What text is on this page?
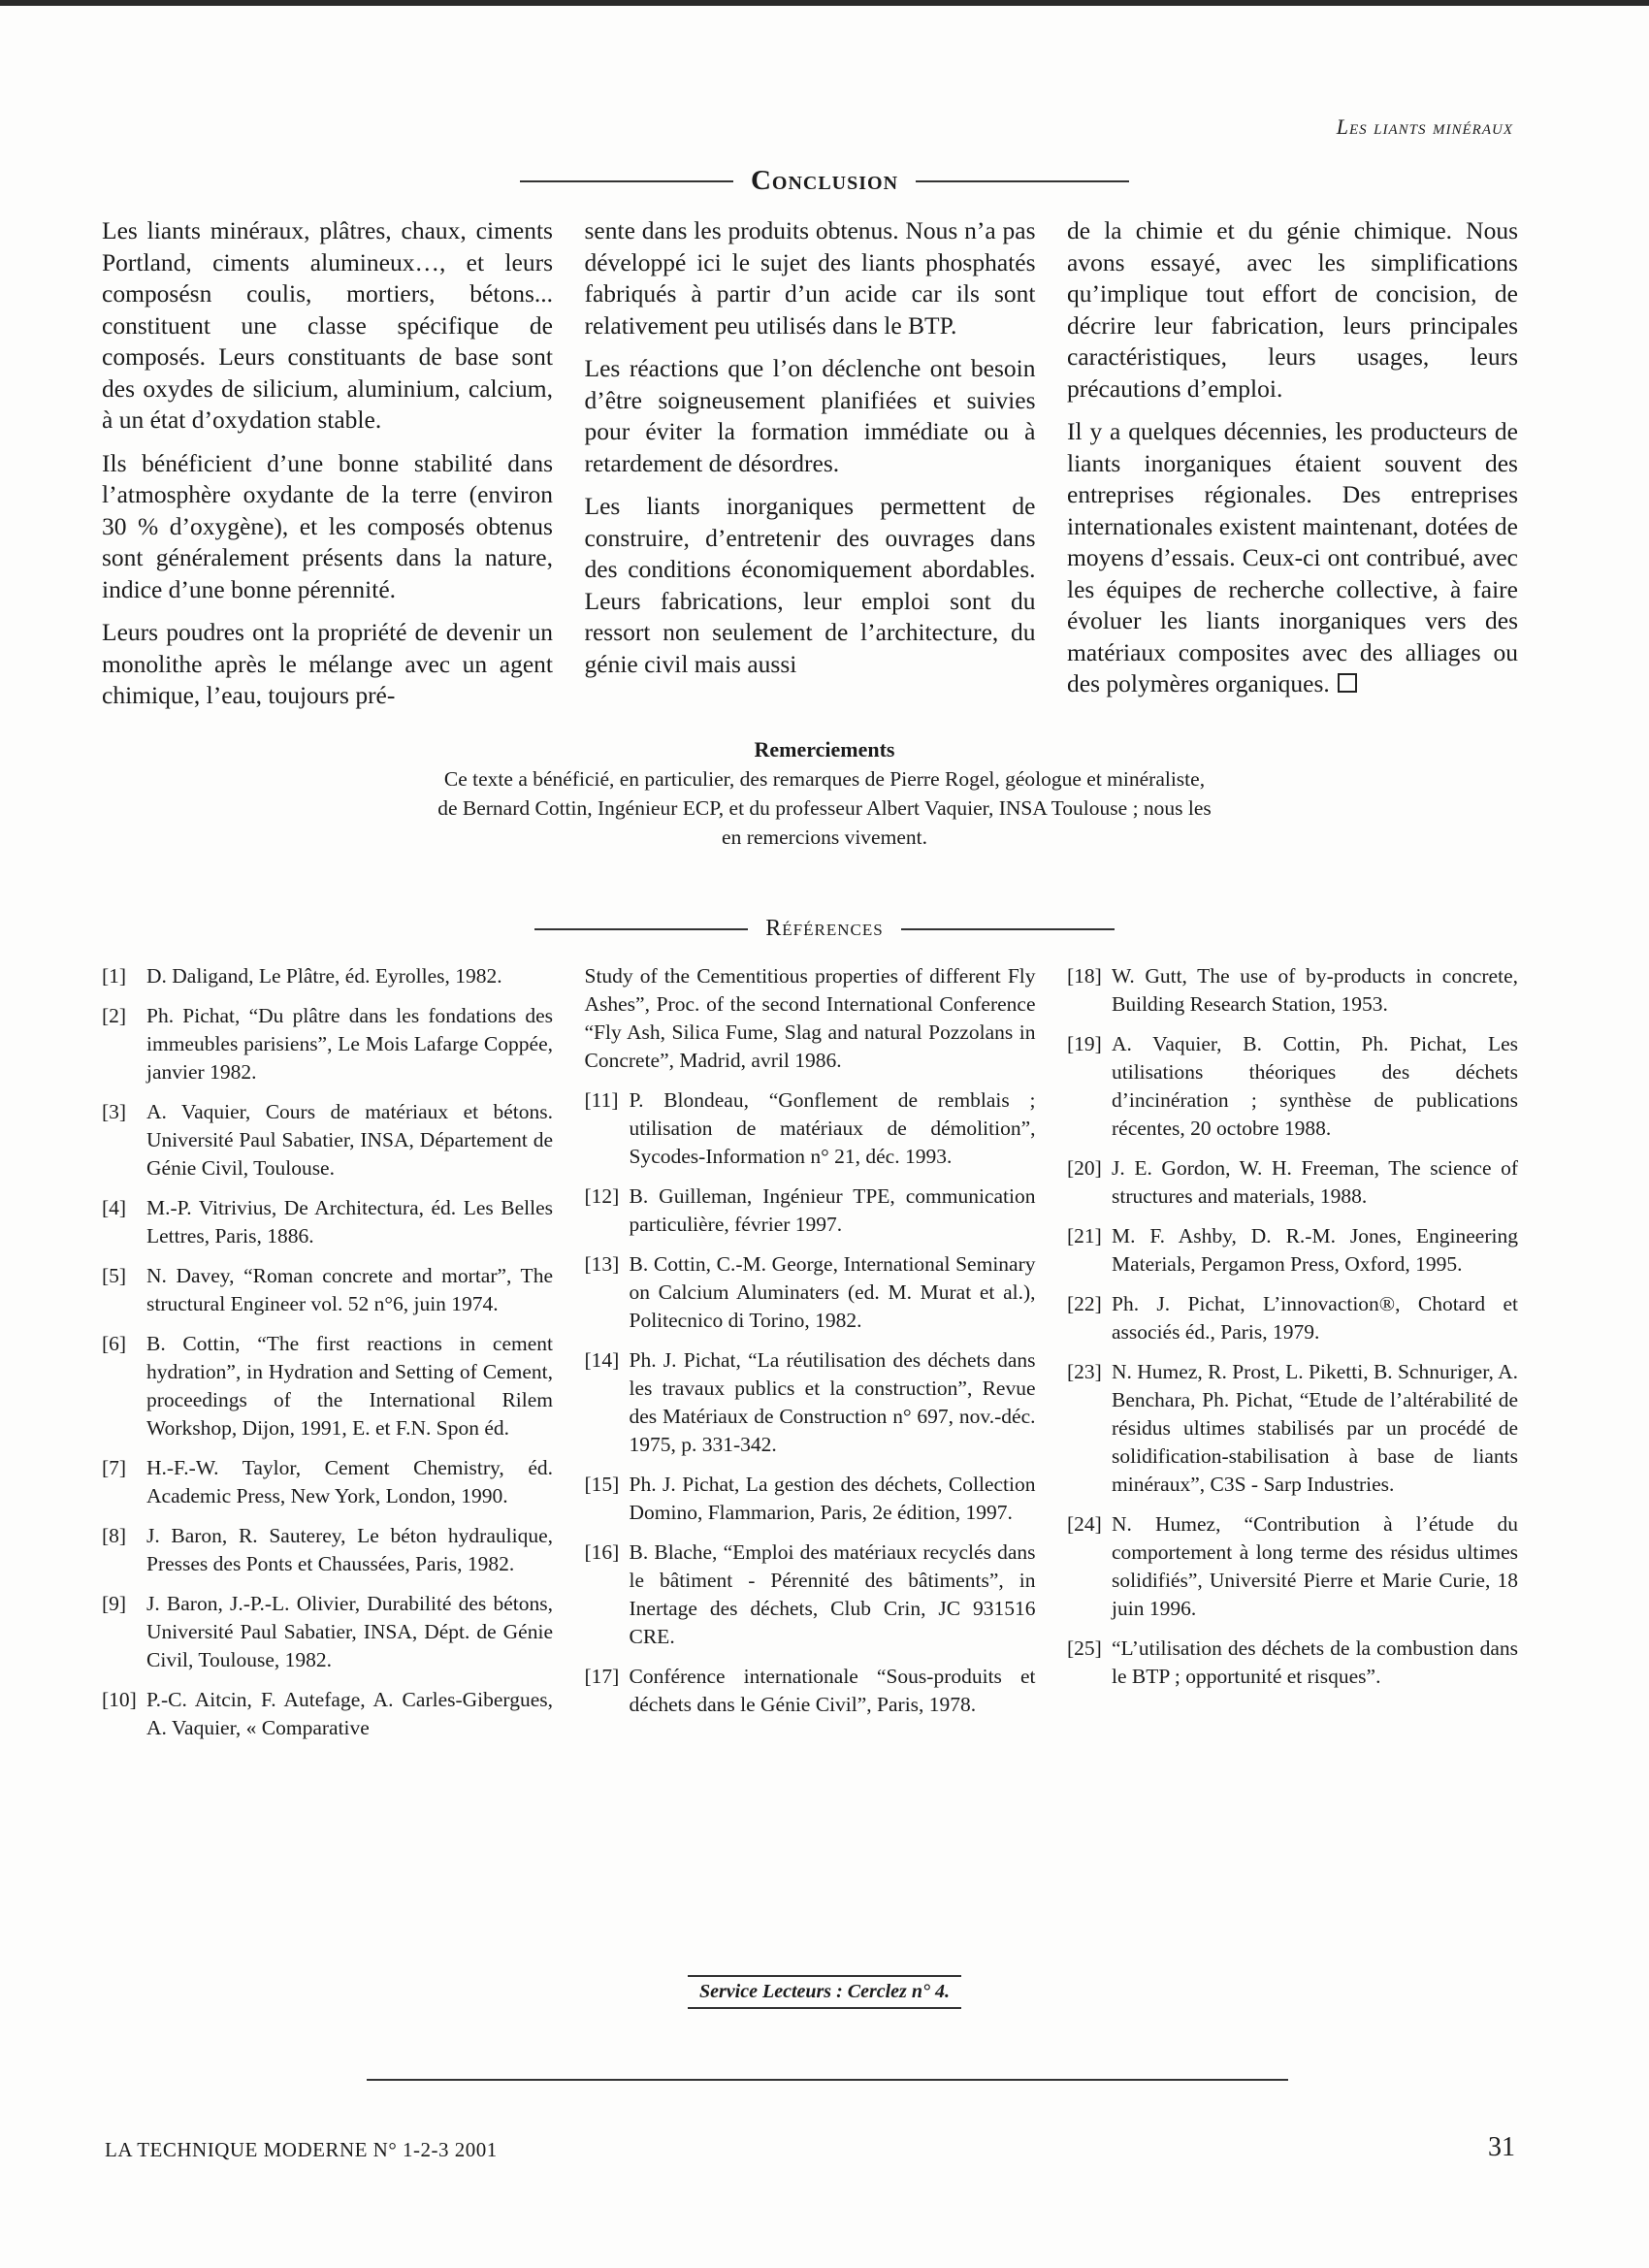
Les liants minéraux
Conclusion

Les liants minéraux, plâtres, chaux, ciments Portland, ciments alumineux…, et leurs composésn coulis, mortiers, bétons... constituent une classe spécifique de composés. Leurs constituants de base sont des oxydes de silicium, aluminium, calcium, à un état d’oxydation stable.

Ils bénéficient d’une bonne stabilité dans l’atmosphère oxydante de la terre (environ 30 % d’oxygène), et les composés obtenus sont généralement présents dans la nature, indice d’une bonne pérennité.

Leurs poudres ont la propriété de devenir un monolithe après le mélange avec un agent chimique, l’eau, toujours pré-

sente dans les produits obtenus. Nous n’a pas développé ici le sujet des liants phosphatés fabriqués à partir d’un acide car ils sont relativement peu utilisés dans le BTP.

Les réactions que l’on déclenche ont besoin d’être soigneusement planifiées et suivies pour éviter la formation immédiate ou à retardement de désordres.

Les liants inorganiques permettent de construire, d’entretenir des ouvrages dans des conditions économiquement abordables. Leurs fabrications, leur emploi sont du ressort non seulement de l’architecture, du génie civil mais aussi

de la chimie et du génie chimique. Nous avons essayé, avec les simplifications qu’implique tout effort de concision, de décrire leur fabrication, leurs principales caractéristiques, leurs usages, leurs précautions d’emploi.

Il y a quelques décennies, les producteurs de liants inorganiques étaient souvent des entreprises régionales. Des entreprises internationales existent maintenant, dotées de moyens d’essais. Ceux-ci ont contribué, avec les équipes de recherche collective, à faire évoluer les liants inorganiques vers des matériaux composites avec des alliages ou des polymères organiques.

Remerciements
Ce texte a bénéficié, en particulier, des remarques de Pierre Rogel, géologue et minéraliste, de Bernard Cottin, Ingénieur ECP, et du professeur Albert Vaquier, INSA Toulouse ; nous les en remercions vivement.
Références
[1] D. Daligand, Le Plâtre, éd. Eyrolles, 1982.
[2] Ph. Pichat, “Du plâtre dans les fondations des immeubles parisiens”, Le Mois Lafarge Coppée, janvier 1982.
[3] A. Vaquier, Cours de matériaux et bétons. Université Paul Sabatier, INSA, Département de Génie Civil, Toulouse.
[4] M.-P. Vitrivius, De Architectura, éd. Les Belles Lettres, Paris, 1886.
[5] N. Davey, “Roman concrete and mortar”, The structural Engineer vol. 52 n°6, juin 1974.
[6] B. Cottin, “The first reactions in cement hydration”, in Hydration and Setting of Cement, proceedings of the International Rilem Workshop, Dijon, 1991, E. et F.N. Spon éd.
[7] H.-F.-W. Taylor, Cement Chemistry, éd. Academic Press, New York, London, 1990.
[8] J. Baron, R. Sauterey, Le béton hydraulique, Presses des Ponts et Chaussées, Paris, 1982.
[9] J. Baron, J.-P.-L. Olivier, Durabilité des bétons, Université Paul Sabatier, INSA, Dépt. de Génie Civil, Toulouse, 1982.
[10] P.-C. Aitcin, F. Autefage, A. Carles-Gibergues, A. Vaquier, « Comparative
Study of the Cementitious properties of different Fly Ashes”, Proc. of the second International Conference “Fly Ash, Silica Fume, Slag and natural Pozzolans in Concrete”, Madrid, avril 1986.
[11] P. Blondeau, “Gonflement de remblais ; utilisation de matériaux de démolition”, Sycodes-Information n° 21, déc. 1993.
[12] B. Guilleman, Ingénieur TPE, communication particulière, février 1997.
[13] B. Cottin, C.-M. George, International Seminary on Calcium Aluminaters (ed. M. Murat et al.), Politecnico di Torino, 1982.
[14] Ph. J. Pichat, “La réutilisation des déchets dans les travaux publics et la construction”, Revue des Matériaux de Construction n° 697, nov.-déc. 1975, p. 331-342.
[15] Ph. J. Pichat, La gestion des déchets, Collection Domino, Flammarion, Paris, 2e édition, 1997.
[16] B. Blache, “Emploi des matériaux recyclés dans le bâtiment - Pérennité des bâtiments”, in Inertage des déchets, Club Crin, JC 931516 CRE.
[17] Conférence internationale “Sous-produits et déchets dans le Génie Civil”, Paris, 1978.
[18] W. Gutt, The use of by-products in concrete, Building Research Station, 1953.
[19] A. Vaquier, B. Cottin, Ph. Pichat, Les utilisations théoriques des déchets d’incinération ; synthèse de publications récentes, 20 octobre 1988.
[20] J. E. Gordon, W. H. Freeman, The science of structures and materials, 1988.
[21] M. F. Ashby, D. R.-M. Jones, Engineering Materials, Pergamon Press, Oxford, 1995.
[22] Ph. J. Pichat, L’innovaction®, Chotard et associés éd., Paris, 1979.
[23] N. Humez, R. Prost, L. Piketti, B. Schnuriger, A. Benchara, Ph. Pichat, “Etude de l’altérabilité de résidus ultimes stabilisés par un procédé de solidification-stabilisation à base de liants minéraux”, C3S - Sarp Industries.
[24] N. Humez, “Contribution à l’étude du comportement à long terme des résidus ultimes solidifiés”, Université Pierre et Marie Curie, 18 juin 1996.
[25] “L’utilisation des déchets de la combustion dans le BTP ; opportunité et risques”.
Service Lecteurs : Cerclez n° 4.
LA TECHNIQUE MODERNE N° 1-2-3 2001	31
